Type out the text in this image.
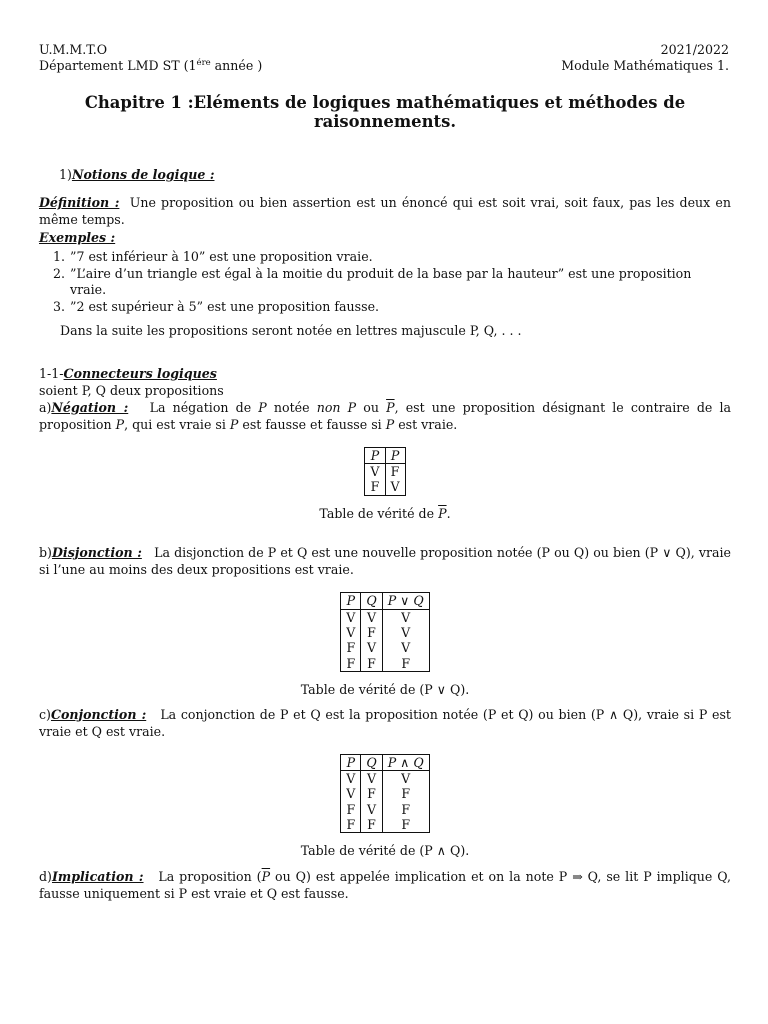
U.M.M.T.O
Département LMD ST ($1^{ére}$ année )
2021/2022
Module Mathématiques 1.
Chapitre 1 :Eléments de logiques mathématiques et méthodes de raisonnements.
1)Notions de logique :

Définition : Une proposition ou bien assertion est un énoncé qui est soit vrai, soit faux, pas les deux en même temps.

Exemples :
1. ”7 est inférieur à 10” est une proposition vraie.
2. ”L’aire d’un triangle est égal à la moitie du produit de la base par la hauteur” est une proposition vraie.
3. ”2 est supérieur à 5” est une proposition fausse.

Dans la suite les propositions seront notée en lettres majuscule P, Q, . . .

1-1-Connecteurs logiques

soient P, Q deux propositions

a)Négation : La négation de P notée non P ou $\overline{P}$, est une proposition désignant le contraire de la proposition P, qui est vraie si P est fausse et fausse si P est vraie.

P	$\overline{P}$
V	F
F	V
Table de vérité de $\overline{P}$.

b)Disjonction : La disjonction de P et Q est une nouvelle proposition notée (P ou Q) ou bien (P ∨ Q), vraie si l’une au moins des deux propositions est vraie.

P	Q	P ∨ Q
V	V	V
V	F	V
F	V	V
F	F	F
Table de vérité de (P ∨ Q).

c)Conjonction : La conjonction de P et Q est la proposition notée (P et Q) ou bien (P ∧ Q), vraie si P est vraie et Q est vraie.

P	Q	P ∧ Q
V	V	V
V	F	F
F	V	F
F	F	F
Table de vérité de (P ∧ Q).

d)Implication : La proposition ($\overline{P}$ ou Q) est appelée implication et on la note P ⇒ Q, se lit P implique Q, fausse uniquement si P est vraie et Q est fausse.
